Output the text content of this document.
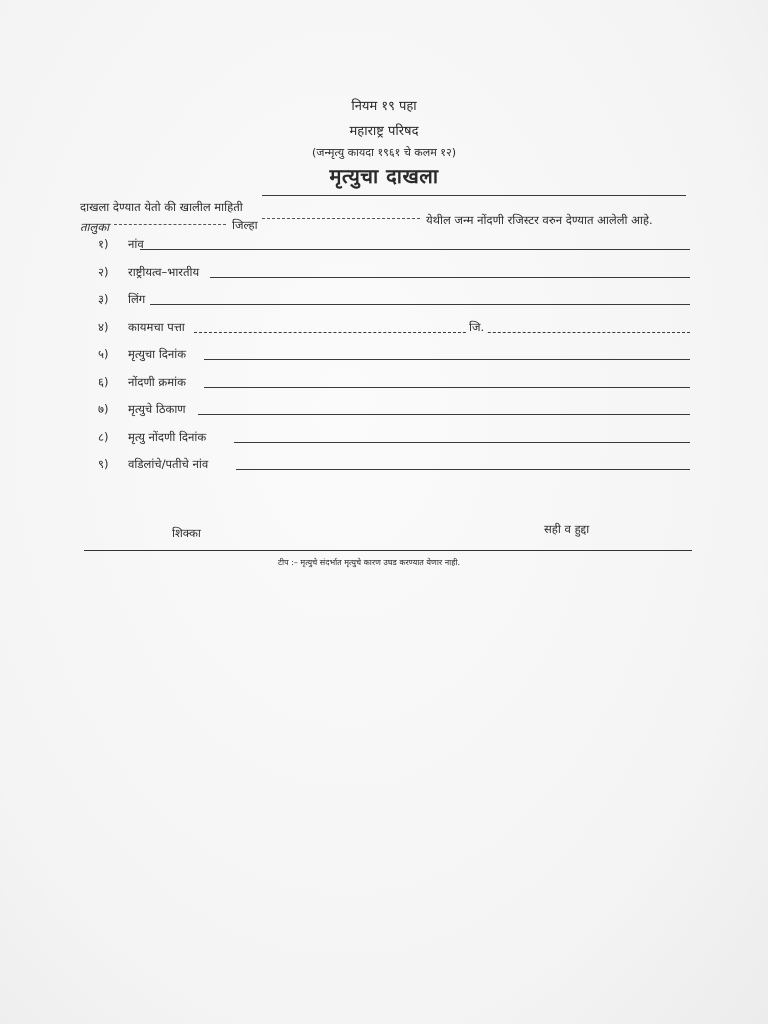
नियम १९ पहा
महाराष्ट्र परिषद
(जन्मृत्यु कायदा १९६१ चे कलम १२)
मृत्युचा दाखला
दाखला देण्यात येतो की खालील माहिती
तालुका	जिल्हा	येथील जन्म नोंदणी रजिस्टर वरुन देण्यात आलेली आहे.
१) नांव
२) राष्ट्रीयत्व–भारतीय
३) लिंग
४) कायमचा पत्ता	जि.
५) मृत्युचा दिनांक
६) नोंदणी क्रमांक
७) मृत्युचे ठिकाण
८) मृत्यु नोंदणी दिनांक
९) वडिलांचे/पतीचे नांव
शिक्का	सही व हुद्दा
टीप :– मृत्युचे संदर्भात मृत्युचे कारण उघड करण्यात येणार नाही.
